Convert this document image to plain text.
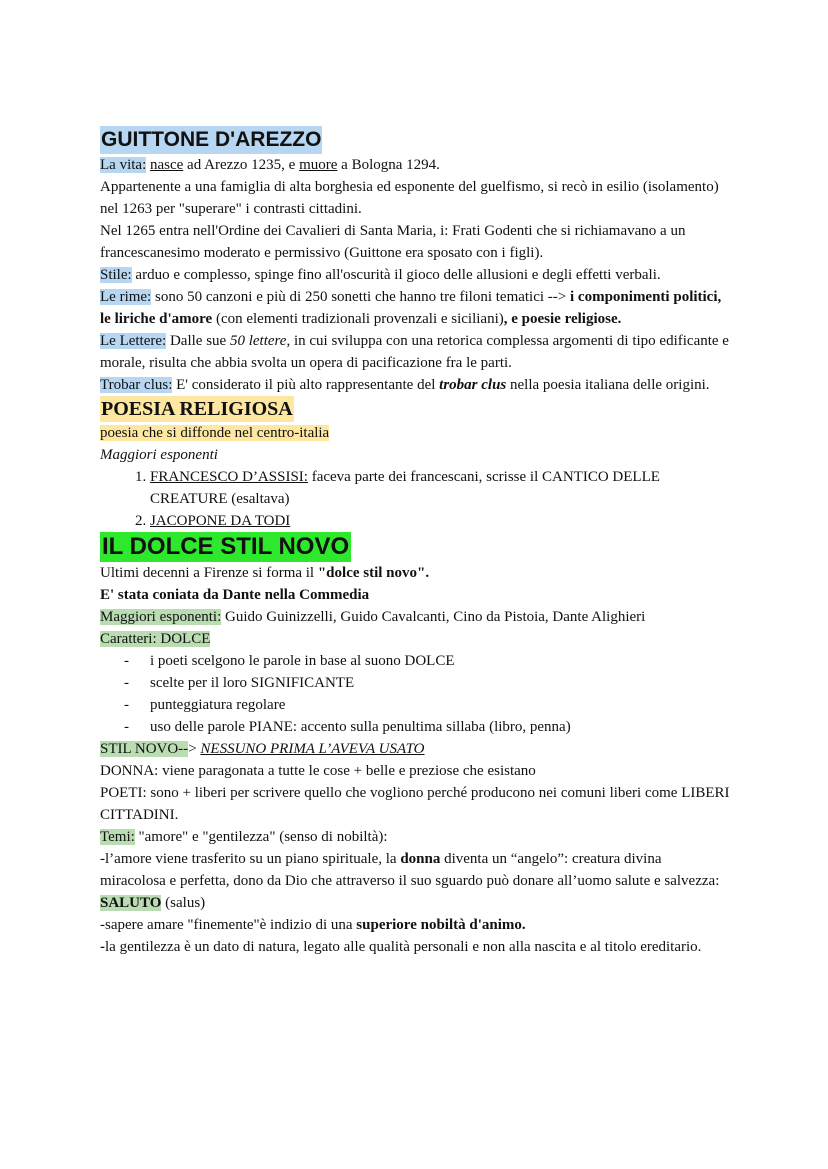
GUITTONE D'AREZZO

La vita: nasce ad Arezzo 1235, e muore a Bologna 1294.

Appartenente a una famiglia di alta borghesia ed esponente del guelfismo, si recò in esilio (isolamento) nel 1263 per "superare" i contrasti cittadini.

Nel 1265 entra nell'Ordine dei Cavalieri di Santa Maria, i: Frati Godenti che si richiamavano a un francescanesimo moderato e permissivo (Guittone era sposato con i figli).

Stile: arduo e complesso, spinge fino all'oscurità il gioco delle allusioni e degli effetti verbali.

Le rime: sono 50 canzoni e più di 250 sonetti che hanno tre filoni tematici --> i componimenti politici, le liriche d'amore (con elementi tradizionali provenzali e siciliani), e poesie religiose.

Le Lettere: Dalle sue 50 lettere, in cui sviluppa con una retorica complessa argomenti di tipo edificante e morale, risulta che abbia svolta un opera di pacificazione fra le parti.

Trobar clus: E' considerato il più alto rappresentante del trobar clus nella poesia italiana delle origini.

POESIA RELIGIOSA

poesia che si diffonde nel centro-italia

Maggiori esponenti

1. FRANCESCO D’ASSISI: faceva parte dei francescani, scrisse il CANTICO DELLE CREATURE (esaltava)
2. JACOPONE DA TODI
IL DOLCE STIL NOVO

Ultimi decenni a Firenze si forma il "dolce stil novo".

E' stata coniata da Dante nella Commedia

Maggiori esponenti: Guido Guinizzelli, Guido Cavalcanti, Cino da Pistoia, Dante Alighieri

Caratteri: DOLCE

- i poeti scelgono le parole in base al suono DOLCE
- scelte per il loro SIGNIFICANTE
- punteggiatura regolare
- uso delle parole PIANE: accento sulla penultima sillaba (libro, penna)

STIL NOVO--> NESSUNO PRIMA L’AVEVA USATO

DONNA: viene paragonata a tutte le cose + belle e preziose che esistano

POETI: sono + liberi per scrivere quello che vogliono perché producono nei comuni liberi come LIBERI CITTADINI.

Temi: "amore" e "gentilezza" (senso di nobiltà):

-l’amore viene trasferito su un piano spirituale, la donna diventa un “angelo”: creatura divina miracolosa e perfetta, dono da Dio che attraverso il suo sguardo può donare all’uomo salute e salvezza: SALUTO (salus)

-sapere amare "finemente"è indizio di una superiore nobiltà d'animo.

-la gentilezza è un dato di natura, legato alle qualità personali e non alla nascita e al titolo ereditario.
